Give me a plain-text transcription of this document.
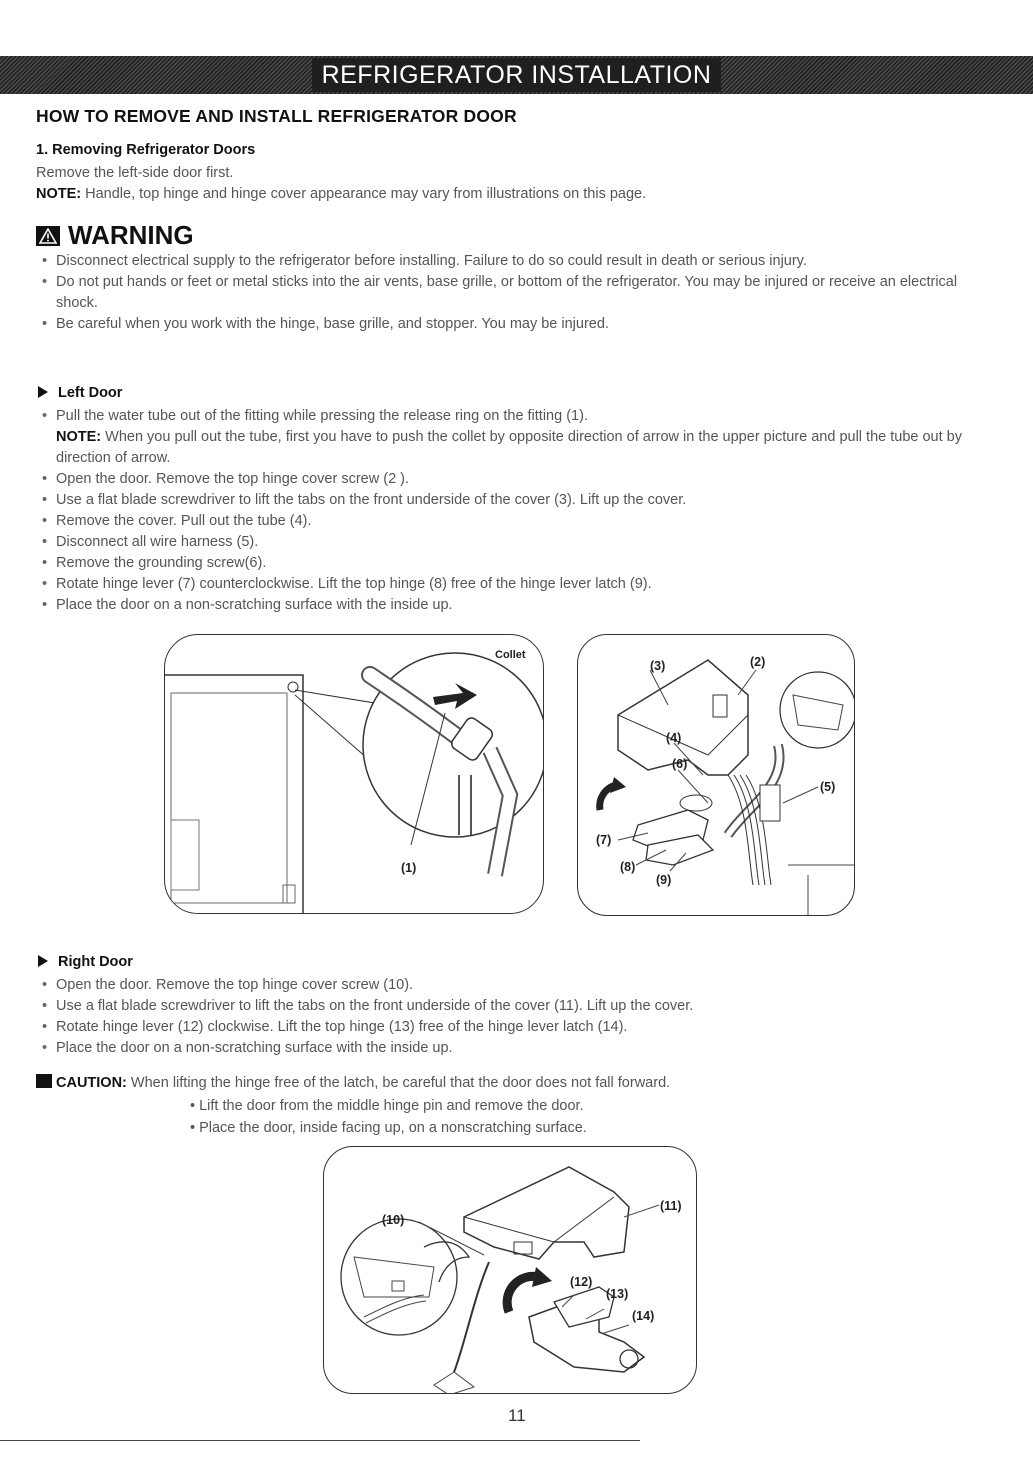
REFRIGERATOR INSTALLATION
HOW TO REMOVE AND INSTALL REFRIGERATOR DOOR
1. Removing Refrigerator Doors
Remove the left-side door first.
NOTE: Handle, top hinge and hinge cover appearance may vary from illustrations on this page.
WARNING
• Disconnect electrical supply to the refrigerator before installing. Failure to do so could result in death or serious injury.
• Do not put hands or feet or metal sticks into the air vents, base grille, or bottom of the refrigerator. You may be injured or receive an electrical shock.
• Be careful when you work with the hinge, base grille, and stopper. You may be injured.
Left Door
• Pull the water tube out of the fitting while pressing the release ring on the fitting (1).
NOTE: When you pull out the tube, first you have to push the collet by opposite direction of arrow in the upper picture and pull the tube out by direction of arrow.
• Open the door. Remove the top hinge cover screw (2 ).
• Use a flat blade screwdriver to lift the tabs on the front underside of the cover (3). Lift up the cover.
• Remove the cover. Pull out the tube (4).
• Disconnect all wire harness (5).
• Remove the grounding screw(6).
• Rotate hinge lever (7) counterclockwise. Lift the top hinge (8) free of the hinge lever latch (9).
• Place the door on a non-scratching surface with the inside up.
Collet
(1)
(3)	(2)
(4)
(6)
(5)
(7)
(8)
(9)
Right Door
• Open the door. Remove the top hinge cover screw (10).
• Use a flat blade screwdriver to lift the tabs on the front underside of the cover (11). Lift up the cover.
• Rotate hinge lever (12) clockwise. Lift the top hinge (13) free of the hinge lever latch (14).
• Place the door on a non-scratching surface with the inside up.
CAUTION: When lifting the hinge free of the latch, be careful that the door does not fall forward.
• Lift the door from the middle hinge pin and remove the door.
• Place the door, inside facing up, on a nonscratching surface.
(10)
(11)
(12)
(13)
(14)
11
